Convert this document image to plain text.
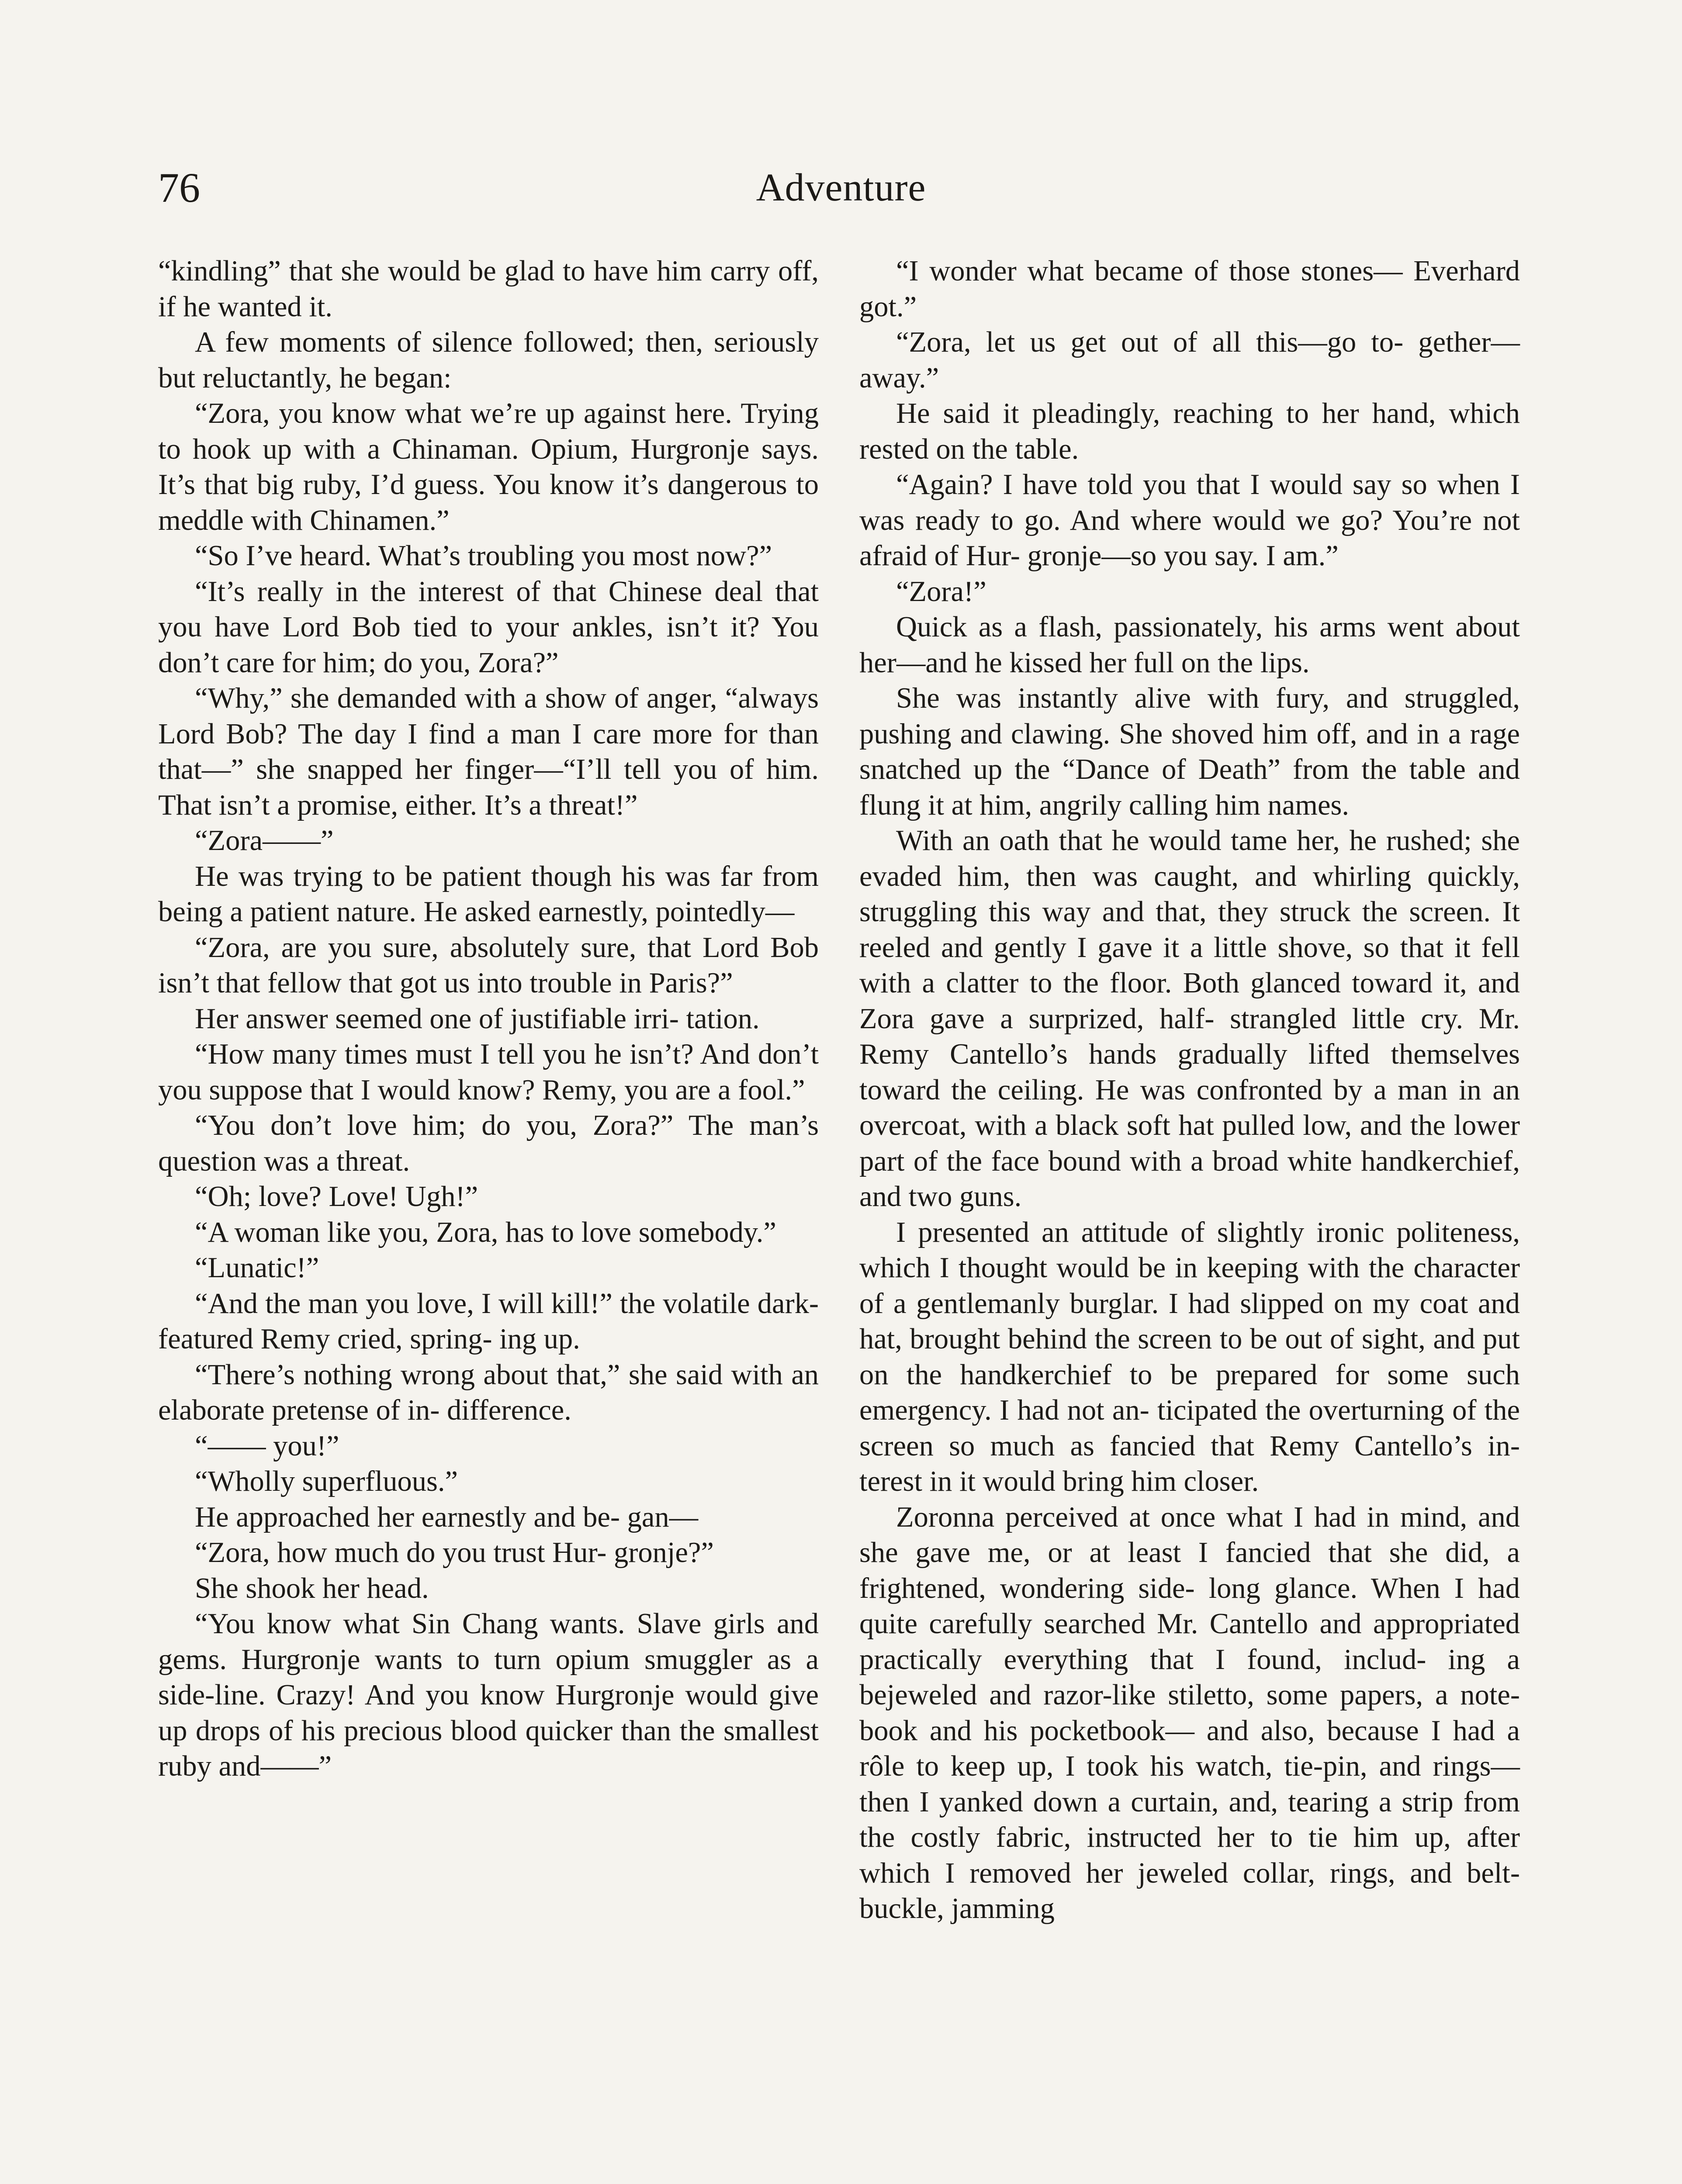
76	Adventure

“kindling” that she would be glad to have him carry off, if he wanted it.

A few moments of silence followed; then, seriously but reluctantly, he began:

“Zora, you know what we’re up against here. Trying to hook up with a Chinaman. Opium, Hurgronje says. It’s that big ruby, I’d guess. You know it’s dangerous to meddle with Chinamen.”

“So I’ve heard. What’s troubling you most now?”

“It’s really in the interest of that Chinese deal that you have Lord Bob tied to your ankles, isn’t it? You don’t care for him; do you, Zora?”

“Why,” she demanded with a show of anger, “always Lord Bob? The day I find a man I care more for than that—” she snapped her finger—“I’ll tell you of him. That isn’t a promise, either. It’s a threat!”

“Zora——”

He was trying to be patient though his was far from being a patient nature. He asked earnestly, pointedly—

“Zora, are you sure, absolutely sure, that Lord Bob isn’t that fellow that got us into trouble in Paris?”

Her answer seemed one of justifiable irri- tation.

“How many times must I tell you he isn’t? And don’t you suppose that I would know? Remy, you are a fool.”

“You don’t love him; do you, Zora?” The man’s question was a threat.

“Oh; love? Love! Ugh!”

“A woman like you, Zora, has to love somebody.”

“Lunatic!”

“And the man you love, I will kill!” the volatile dark-featured Remy cried, spring- ing up.

“There’s nothing wrong about that,” she said with an elaborate pretense of in- difference.

“—— you!”

“Wholly superfluous.”

He approached her earnestly and be- gan—

“Zora, how much do you trust Hur- gronje?”

She shook her head.

“You know what Sin Chang wants. Slave girls and gems. Hurgronje wants to turn opium smuggler as a side-line. Crazy! And you know Hurgronje would give up drops of his precious blood quicker than the smallest ruby and——”

“I wonder what became of those stones— Everhard got.”

“Zora, let us get out of all this—go to- gether—away.”

He said it pleadingly, reaching to her hand, which rested on the table.

“Again? I have told you that I would say so when I was ready to go. And where would we go? You’re not afraid of Hur- gronje—so you say. I am.”

“Zora!”

Quick as a flash, passionately, his arms went about her—and he kissed her full on the lips.

She was instantly alive with fury, and struggled, pushing and clawing. She shoved him off, and in a rage snatched up the “Dance of Death” from the table and flung it at him, angrily calling him names.

With an oath that he would tame her, he rushed; she evaded him, then was caught, and whirling quickly, struggling this way and that, they struck the screen. It reeled and gently I gave it a little shove, so that it fell with a clatter to the floor. Both glanced toward it, and Zora gave a surprized, half- strangled little cry. Mr. Remy Cantello’s hands gradually lifted themselves toward the ceiling. He was confronted by a man in an overcoat, with a black soft hat pulled low, and the lower part of the face bound with a broad white handkerchief, and two guns.

I presented an attitude of slightly ironic politeness, which I thought would be in keeping with the character of a gentlemanly burglar. I had slipped on my coat and hat, brought behind the screen to be out of sight, and put on the handkerchief to be prepared for some such emergency. I had not an- ticipated the overturning of the screen so much as fancied that Remy Cantello’s in- terest in it would bring him closer.

Zoronna perceived at once what I had in mind, and she gave me, or at least I fancied that she did, a frightened, wondering side- long glance. When I had quite carefully searched Mr. Cantello and appropriated practically everything that I found, includ- ing a bejeweled and razor-like stiletto, some papers, a note-book and his pocketbook— and also, because I had a rôle to keep up, I took his watch, tie-pin, and rings—then I yanked down a curtain, and, tearing a strip from the costly fabric, instructed her to tie him up, after which I removed her jeweled collar, rings, and belt-buckle, jamming
